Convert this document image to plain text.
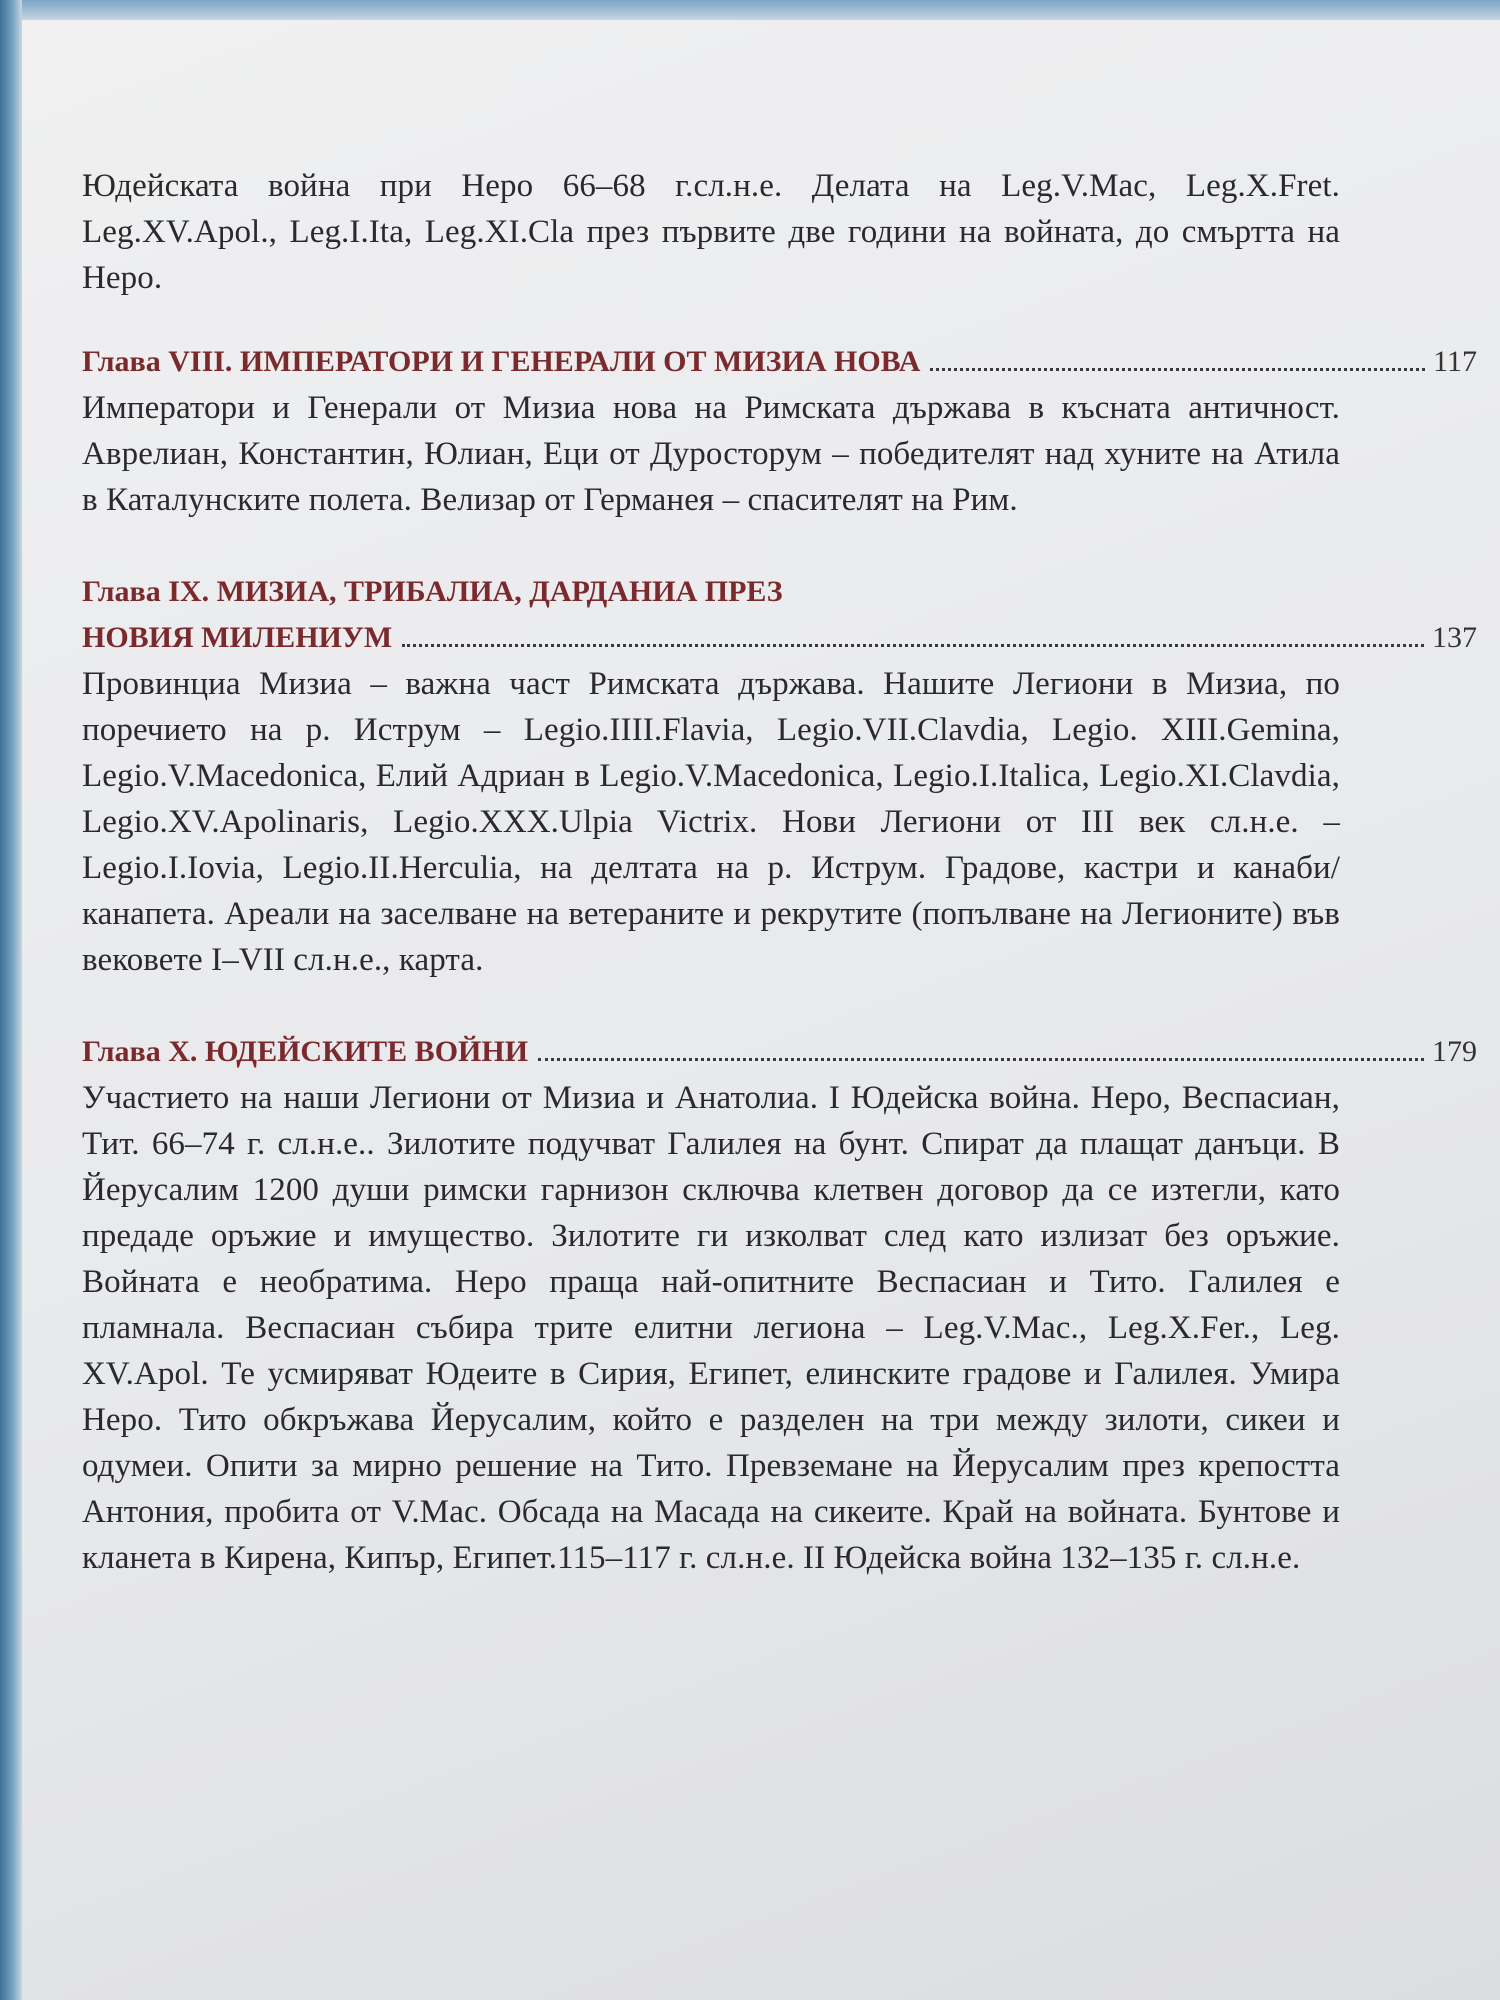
Юдейската война при Неро 66–68 г.сл.н.е. Делата на Leg.V.Mac, Leg.X.Fret. Leg.XV.Apol., Leg.I.Ita, Leg.XI.Cla през първите две години на войната, до смъртта на Неро.

Глава VIII. ИМПЕРАТОРИ И ГЕНЕРАЛИ ОТ МИЗИА НОВА	117

Императори и Генерали от Мизиа нова на Римската държава в късната античност. Аврелиан, Константин, Юлиан, Еци от Дуросторум – победителят над хуните на Атила в Каталунските полета. Велизар от Германея – спасителят на Рим.

Глава IX. МИЗИА, ТРИБАЛИА, ДАРДАНИА ПРЕЗ

НОВИЯ МИЛЕНИУМ	137

Провинциа Мизиа – важна част Римската държава. Нашите Легиони в Мизиа, по поречието на р. Иструм – Legio.IIII.Flavia, Legio.VII.Clavdia, Legio. XIII.Gemina, Legio.V.Macedonica, Елий Адриан в Legio.V.Macedonica, Legio.I.Italica, Legio.XI.Clavdia, Legio.XV.Apolinaris, Legio.XXX.Ulpia Victrix. Нови Легиони от III век сл.н.е. – Legio.I.Iovia, Legio.II.Herculia, на делтата на р. Иструм. Градове, кастри и канаби/канапета. Ареали на заселване на ветераните и рекрутите (попълване на Легионите) във вековете I–VII сл.н.е., карта.

Глава X. ЮДЕЙСКИТЕ ВОЙНИ	179

Участието на наши Легиони от Мизиа и Анатолиа. I Юдейска война. Неро, Веспасиан, Тит. 66–74 г. сл.н.е.. Зилотите подучват Галилея на бунт. Спират да плащат данъци. В Йерусалим 1200 души римски гарнизон сключва клетвен договор да се изтегли, като предаде оръжие и имущество. Зилотите ги изколват след като излизат без оръжие. Войната е необратима. Неро праща най-опитните Веспасиан и Тито. Галилея е пламнала. Веспасиан събира трите елитни легиона – Leg.V.Mac., Leg.X.Fer., Leg. XV.Apol. Те усмиряват Юдеите в Сирия, Египет, елинските градове и Галилея. Умира Неро. Тито обкръжава Йерусалим, който е разделен на три между зилоти, сикеи и одумеи. Опити за мирно решение на Тито. Превземане на Йерусалим през крепостта Антония, пробита от V.Mac. Обсада на Масада на сикеите. Край на войната. Бунтове и кланета в Кирена, Кипър, Египет.115–117 г. сл.н.е. II Юдейска война 132–135 г. сл.н.е.
